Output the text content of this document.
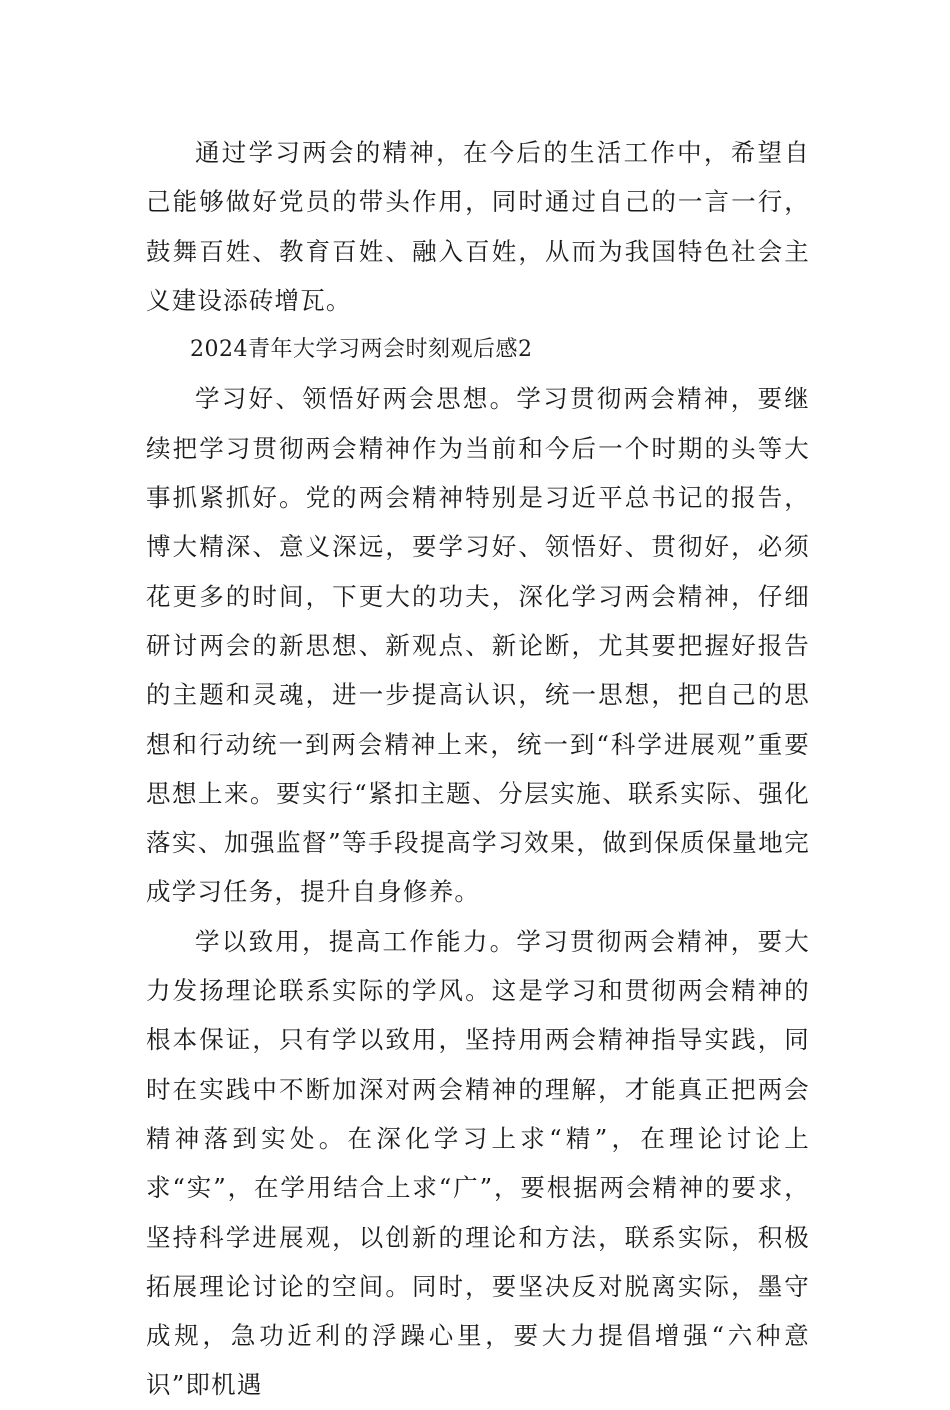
通过学习两会的精神，在今后的生活工作中，希望自己能够做好党员的带头作用，同时通过自己的一言一行，鼓舞百姓、教育百姓、融入百姓，从而为我国特色社会主义建设添砖增瓦。

2024青年大学习两会时刻观后感2

学习好、领悟好两会思想。学习贯彻两会精神，要继续把学习贯彻两会精神作为当前和今后一个时期的头等大事抓紧抓好。党的两会精神特别是习近平总书记的报告，博大精深、意义深远，要学习好、领悟好、贯彻好，必须花更多的时间，下更大的功夫，深化学习两会精神，仔细研讨两会的新思想、新观点、新论断，尤其要把握好报告的主题和灵魂，进一步提高认识，统一思想，把自己的思想和行动统一到两会精神上来，统一到“科学进展观”重要思想上来。要实行“紧扣主题、分层实施、联系实际、强化落实、加强监督”等手段提高学习效果，做到保质保量地完成学习任务，提升自身修养。

学以致用，提高工作能力。学习贯彻两会精神，要大力发扬理论联系实际的学风。这是学习和贯彻两会精神的根本保证，只有学以致用，坚持用两会精神指导实践，同时在实践中不断加深对两会精神的理解，才能真正把两会精神落到实处。在深化学习上求“精”，在理论讨论上求“实”，在学用结合上求“广”，要根据两会精神的要求，坚持科学进展观，以创新的理论和方法，联系实际，积极拓展理论讨论的空间。同时，要坚决反对脱离实际，墨守成规，急功近利的浮躁心里，要大力提倡增强“六种意识”即机遇
